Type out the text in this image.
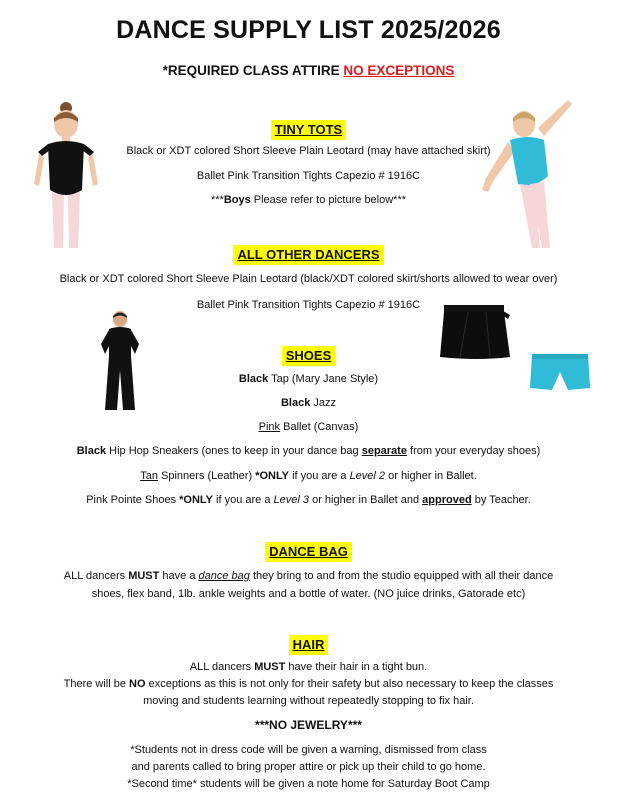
DANCE SUPPLY LIST 2025/2026
*REQUIRED CLASS ATTIRE NO EXCEPTIONS
TINY TOTS
Black or XDT colored Short Sleeve Plain Leotard (may have attached skirt)
Ballet Pink Transition Tights Capezio # 1916C
***Boys Please refer to picture below***
ALL OTHER DANCERS
Black or XDT colored Short Sleeve Plain Leotard (black/XDT colored skirt/shorts allowed to wear over)
Ballet Pink Transition Tights Capezio # 1916C
SHOES
Black Tap (Mary Jane Style)
Black Jazz
Pink Ballet (Canvas)
Black Hip Hop Sneakers (ones to keep in your dance bag separate from your everyday shoes)
Tan Spinners (Leather) *ONLY if you are a Level 2 or higher in Ballet.
Pink Pointe Shoes *ONLY if you are a Level 3 or higher in Ballet and approved by Teacher.
DANCE BAG
ALL dancers MUST have a dance bag they bring to and from the studio equipped with all their dance
shoes, flex band, 1lb. ankle weights and a bottle of water. (NO juice drinks, Gatorade etc)
HAIR
ALL dancers MUST have their hair in a tight bun.
There will be NO exceptions as this is not only for their safety but also necessary to keep the classes
moving and students learning without repeatedly stopping to fix hair.
***NO JEWELRY***
*Students not in dress code will be given a warning, dismissed from class
and parents called to bring proper attire or pick up their child to go home.
*Second time* students will be given a note home for Saturday Boot Camp
